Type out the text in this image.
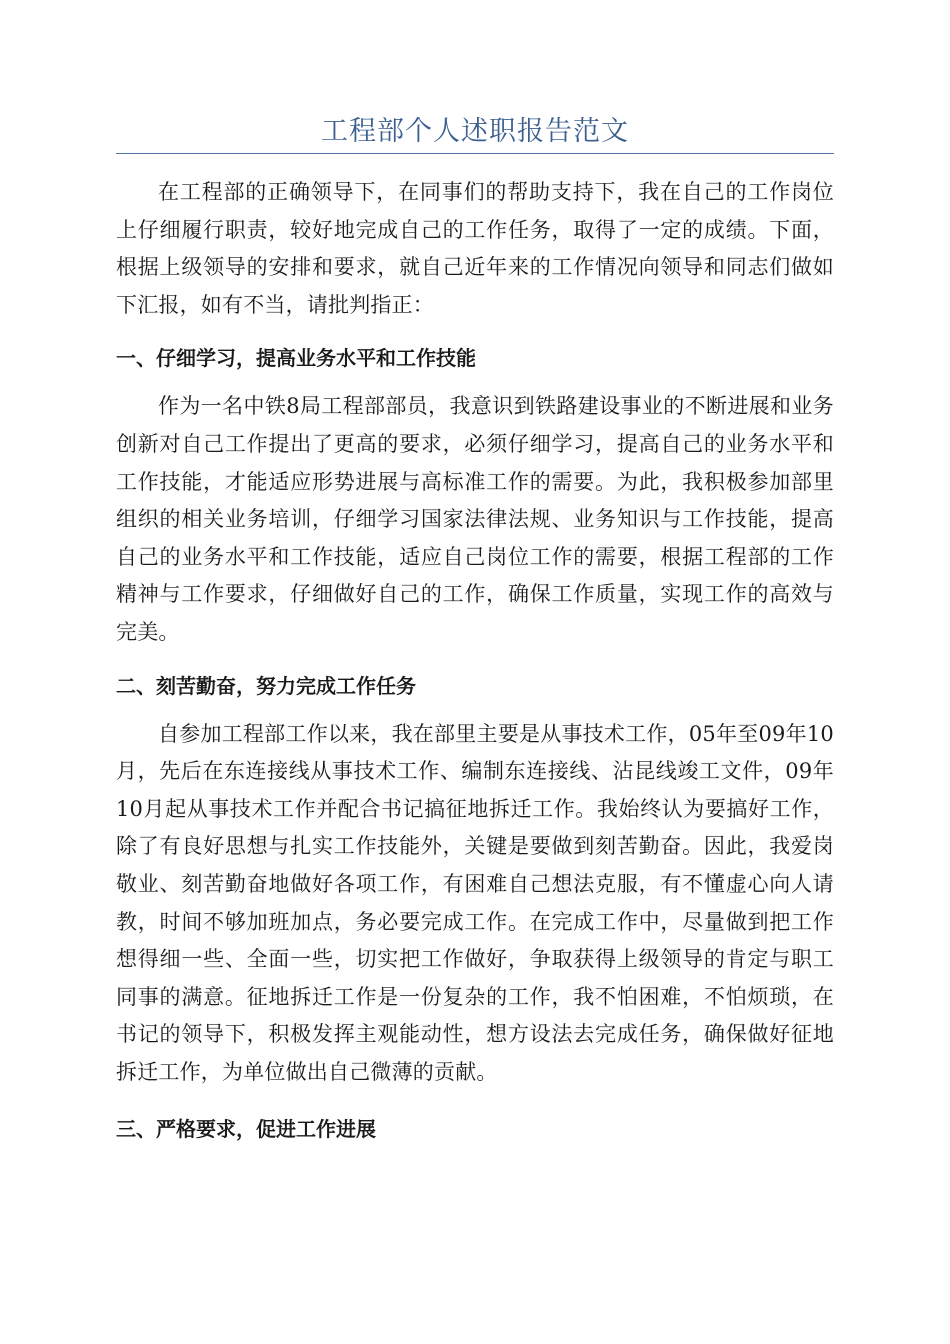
工程部个人述职报告范文

在工程部的正确领导下，在同事们的帮助支持下，我在自己的工作岗位上仔细履行职责，较好地完成自己的工作任务，取得了一定的成绩。下面，根据上级领导的安排和要求，就自己近年来的工作情况向领导和同志们做如下汇报，如有不当，请批判指正：

一、仔细学习，提高业务水平和工作技能

作为一名中铁8局工程部部员，我意识到铁路建设事业的不断进展和业务创新对自己工作提出了更高的要求，必须仔细学习，提高自己的业务水平和工作技能，才能适应形势进展与高标准工作的需要。为此，我积极参加部里组织的相关业务培训，仔细学习国家法律法规、业务知识与工作技能，提高自己的业务水平和工作技能，适应自己岗位工作的需要，根据工程部的工作精神与工作要求，仔细做好自己的工作，确保工作质量，实现工作的高效与完美。

二、刻苦勤奋，努力完成工作任务

自参加工程部工作以来，我在部里主要是从事技术工作，05年至09年10月，先后在东连接线从事技术工作、编制东连接线、沾昆线竣工文件，09年10月起从事技术工作并配合书记搞征地拆迁工作。我始终认为要搞好工作，除了有良好思想与扎实工作技能外，关键是要做到刻苦勤奋。因此，我爱岗敬业、刻苦勤奋地做好各项工作，有困难自己想法克服，有不懂虚心向人请教，时间不够加班加点，务必要完成工作。在完成工作中，尽量做到把工作想得细一些、全面一些，切实把工作做好，争取获得上级领导的肯定与职工同事的满意。征地拆迁工作是一份复杂的工作，我不怕困难，不怕烦琐，在书记的领导下，积极发挥主观能动性，想方设法去完成任务，确保做好征地拆迁工作，为单位做出自己微薄的贡献。

三、严格要求，促进工作进展
